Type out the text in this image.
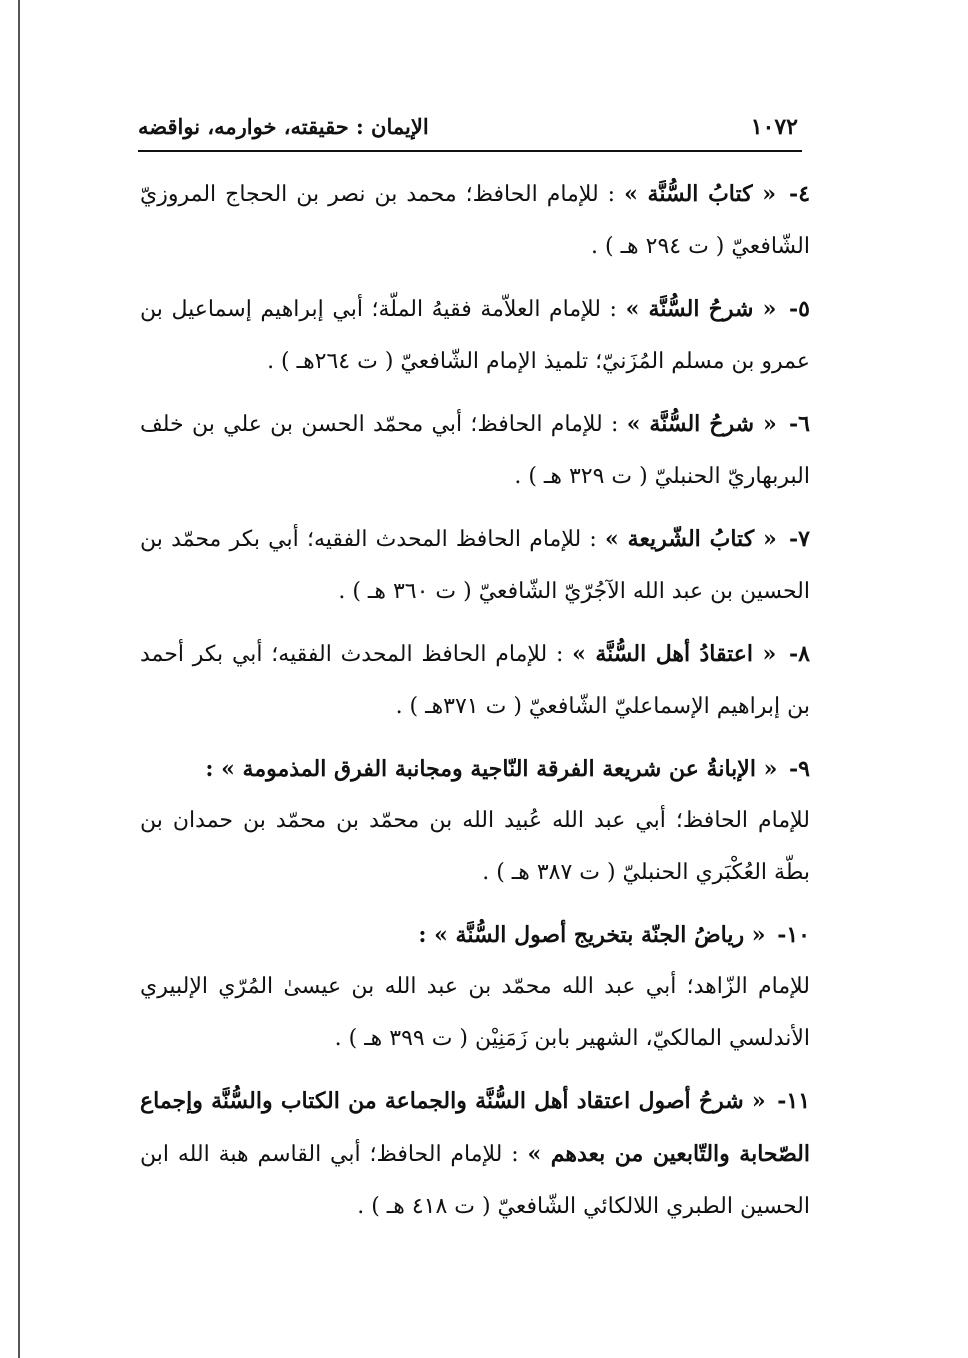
١٠٧٢
الإيمان : حقيقته، خوارمه، نواقضه

٤- « كتابُ السُّنَّة » : للإمام الحافظ؛ محمد بن نصر بن الحجاج المروزيّ الشّافعيّ ( ت ٢٩٤ هـ ) .

٥- « شرحُ السُّنَّة » : للإمام العلاّمة فقيهُ الملّة؛ أبي إبراهيم إسماعيل بن عمرو بن مسلم المُزَنيّ؛ تلميذ الإمام الشّافعيّ ( ت ٢٦٤هـ ) .

٦- « شرحُ السُّنَّة » : للإمام الحافظ؛ أبي محمّد الحسن بن علي بن خلف البربهاريّ الحنبليّ ( ت ٣٢٩ هـ ) .

٧- « كتابُ الشّريعة » : للإمام الحافظ المحدث الفقيه؛ أبي بكر محمّد بن الحسين بن عبد الله الآجُرّيّ الشّافعيّ ( ت ٣٦٠ هـ ) .

٨- « اعتقادُ أهل السُّنَّة » : للإمام الحافظ المحدث الفقيه؛ أبي بكر أحمد بن إبراهيم الإسماعليّ الشّافعيّ ( ت ٣٧١هـ ) .

٩- « الإبانةُ عن شريعة الفرقة النّاجية ومجانبة الفرق المذمومة » :
للإمام الحافظ؛ أبي عبد الله عُبيد الله بن محمّد بن محمّد بن حمدان بن بطّة العُكْبَري الحنبليّ ( ت ٣٨٧ هـ ) .

١٠- « رياضُ الجنّة بتخريج أصول السُّنَّة » :
للإمام الزّاهد؛ أبي عبد الله محمّد بن عبد الله بن عيسىٰ المُرّي الإلبيري الأندلسي المالكيّ، الشهير بابن زَمَنِيْن ( ت ٣٩٩ هـ ) .

١١- « شرحُ أصول اعتقاد أهل السُّنَّة والجماعة من الكتاب والسُّنَّة وإجماع الصّحابة والتّابعين من بعدهم » : للإمام الحافظ؛ أبي القاسم هبة الله ابن الحسين الطبري اللالكائي الشّافعيّ ( ت ٤١٨ هـ ) .
